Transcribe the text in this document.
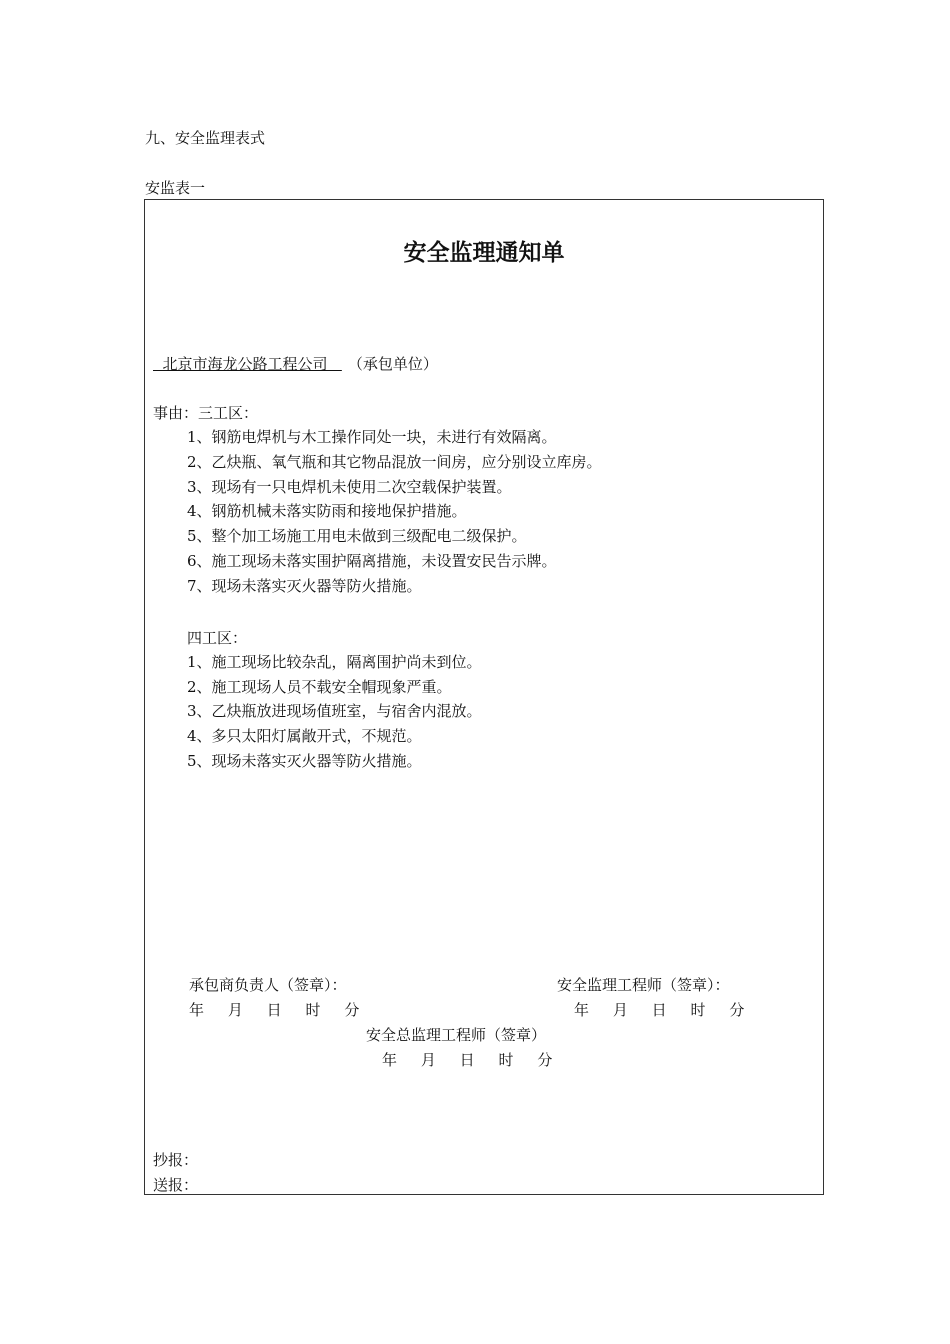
九、安全监理表式
安监表一
安全监理通知单
北京市海龙公路工程公司   （承包单位）
事由：三工区：
1、钢筋电焊机与木工操作同处一块，未进行有效隔离。
2、乙炔瓶、氧气瓶和其它物品混放一间房，应分别设立库房。
3、现场有一只电焊机未使用二次空载保护装置。
4、钢筋机械未落实防雨和接地保护措施。
5、整个加工场施工用电未做到三级配电二级保护。
6、施工现场未落实围护隔离措施，未设置安民告示牌。
7、现场未落实灭火器等防火措施。
四工区：
1、施工现场比较杂乱，隔离围护尚未到位。
2、施工现场人员不载安全帽现象严重。
3、乙炔瓶放进现场值班室，与宿舍内混放。
4、多只太阳灯属敞开式，不规范。
5、现场未落实灭火器等防火措施。
承包商负责人（签章）：	安全监理工程师（签章）：
年     月     日     时     分	年     月     日     时     分
安全总监理工程师（签章）
年     月     日     时     分
抄报：
送报：
